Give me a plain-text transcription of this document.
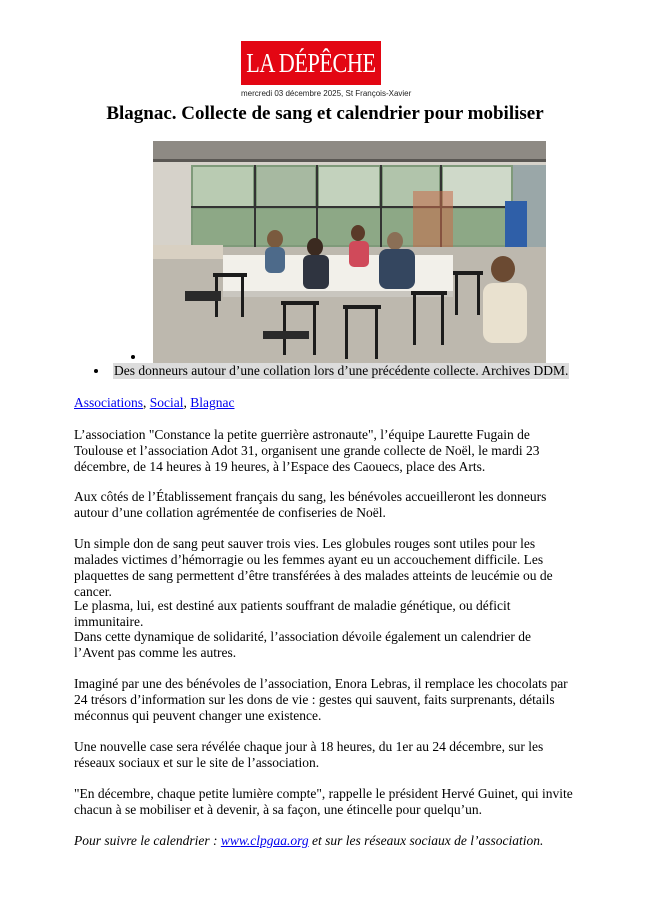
LA DÉPÊCHE
mercredi 03 décembre 2025, St François-Xavier
Blagnac. Collecte de sang et calendrier pour mobiliser
Des donneurs autour d’une collation lors d’une précédente collecte. Archives DDM.
Associations, Social, Blagnac

L’association "Constance la petite guerrière astronaute", l’équipe Laurette Fugain de Toulouse et l’association Adot 31, organisent une grande collecte de Noël, le mardi 23 décembre, de 14 heures à 19 heures, à l’Espace des Caouecs, place des Arts.

Aux côtés de l’Établissement français du sang, les bénévoles accueilleront les donneurs autour d’une collation agrémentée de confiseries de Noël.

Un simple don de sang peut sauver trois vies. Les globules rouges sont utiles pour les malades victimes d’hémorragie ou les femmes ayant eu un accouchement difficile. Les plaquettes de sang permettent d’être transférées à des malades atteints de leucémie ou de cancer.

Le plasma, lui, est destiné aux patients souffrant de maladie génétique, ou déficit immunitaire.

Dans cette dynamique de solidarité, l’association dévoile également un calendrier de l’Avent pas comme les autres.

Imaginé par une des bénévoles de l’association, Enora Lebras, il remplace les chocolats par 24 trésors d’information sur les dons de vie : gestes qui sauvent, faits surprenants, détails méconnus qui peuvent changer une existence.

Une nouvelle case sera révélée chaque jour à 18 heures, du 1er au 24 décembre, sur les réseaux sociaux et sur le site de l’association.

"En décembre, chaque petite lumière compte", rappelle le président Hervé Guinet, qui invite chacun à se mobiliser et à devenir, à sa façon, une étincelle pour quelqu’un.

Pour suivre le calendrier : www.clpgaa.org et sur les réseaux sociaux de l’association.
